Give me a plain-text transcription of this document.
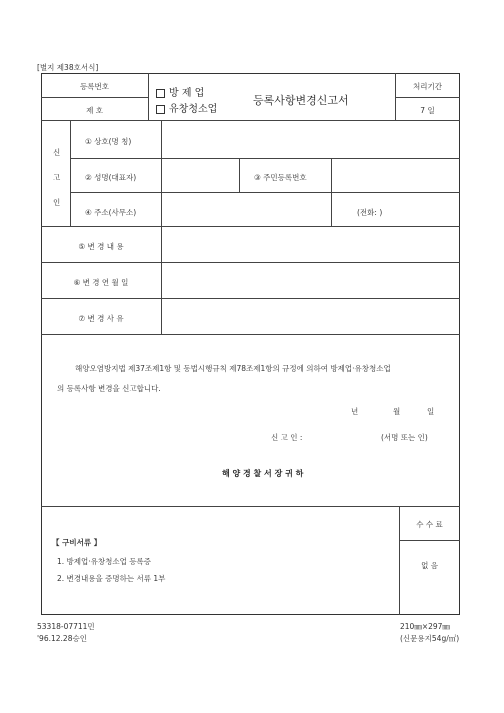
[별지 제38호서식]
등록번호
제 호
방 제 업
유창청소업
등록사항변경신고서
처리기간
7 일
신
고
인
① 상호(명 칭)
② 성명(대표자)	③ 주민등록번호
④ 주소(사무소)	(전화: )
⑤ 변 경 내 용
⑥ 변 경 연 월 일
⑦ 변 경 사 유
해양오염방지법 제37조제1항 및 동법시행규칙 제78조제1항의 규정에 의하여 방제업·유창청소업
의 등록사항 변경을 신고합니다.
년	월	일
신 고 인 :	(서명 또는 인)
해 양 경 찰 서 장 귀 하
【 구비서류 】
1. 방제업·유창청소업 등록증
2. 변경내용을 증명하는 서류 1부
수 수 료
없 음
53318-07711민
'96.12.28승인
210㎜×297㎜
(신문용지54g/㎡)
